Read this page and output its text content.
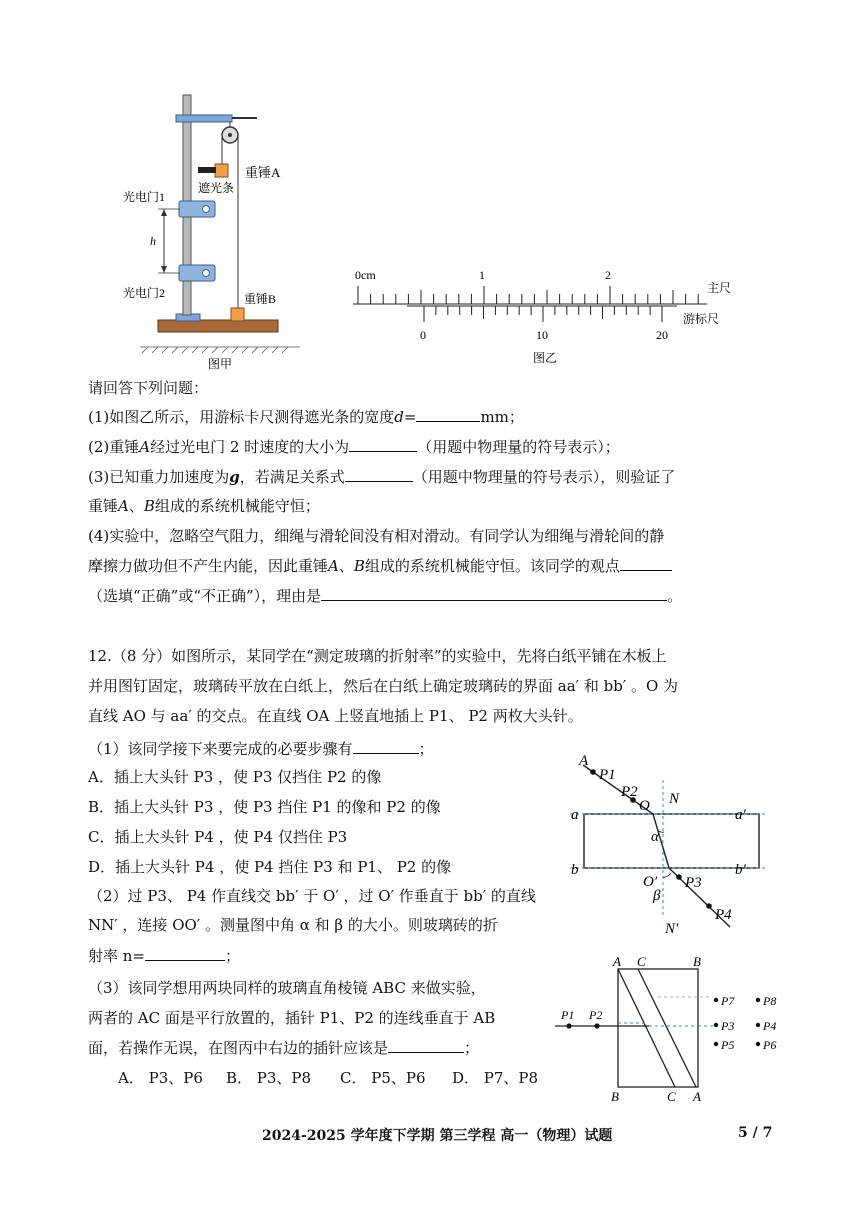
重锤A
遮光条
光电门1
h
光电门2	重锤B
图甲
0cm	1	2
主尺
0	10	20
游标尺
图乙
请回答下列问题：
(1)如图乙所示，用游标卡尺测得遮光条的宽度d=	mm；
(2)重锤A经过光电门 2 时速度的大小为	（用题中物理量的符号表示）；
(3)已知重力加速度为g，若满足关系式	（用题中物理量的符号表示），则验证了
重锤A、B组成的系统机械能守恒；
(4)实验中，忽略空气阻力，细绳与滑轮间没有相对滑动。有同学认为细绳与滑轮间的静
摩擦力做功但不产生内能，因此重锤A、B组成的系统机械能守恒。该同学的观点
（选填“正确”或“不正确”），理由是	。
12.（8 分）如图所示，某同学在“测定玻璃的折射率”的实验中，先将白纸平铺在木板上
并用图钉固定，玻璃砖平放在白纸上，然后在白纸上确定玻璃砖的界面 aa′ 和 bb′ 。O 为
直线 AO 与 aa′ 的交点。在直线 OA 上竖直地插上 P1、 P2 两枚大头针。
（1）该同学接下来要完成的必要步骤有	；
A．插上大头针 P3 ，使 P3 仅挡住 P2 的像
B．插上大头针 P3 ，使 P3 挡住 P1 的像和 P2 的像
C．插上大头针 P4 ，使 P4 仅挡住 P3
D．插上大头针 P4 ，使 P4 挡住 P3 和 P1、 P2 的像
（2）过 P3、 P4 作直线交 bb′ 于 O′ ，过 O′ 作垂直于 bb′ 的直线
NN′ ，连接 OO′ 。测量图中角 α 和 β 的大小。则玻璃砖的折
射率 n=	；
（3）该同学想用两块同样的玻璃直角棱镜 ABC 来做实验，
两者的 AC 面是平行放置的，插针 P1、P2 的连线垂直于 AB
面，若操作无误，在图丙中右边的插针应该是	；
A． P3、P6 B． P3、P8 C． P5、P6 D． P7、P8
A
P1
P2
O N
a	a′
b	b′
α
O′
β
P3
P4
N′
A C	B
B	C A
P1 P2
P7 P8
P3 P4
P5 P6
2024-2025 学年度下学期 第三学程 高一（物理）试题	5 / 7
